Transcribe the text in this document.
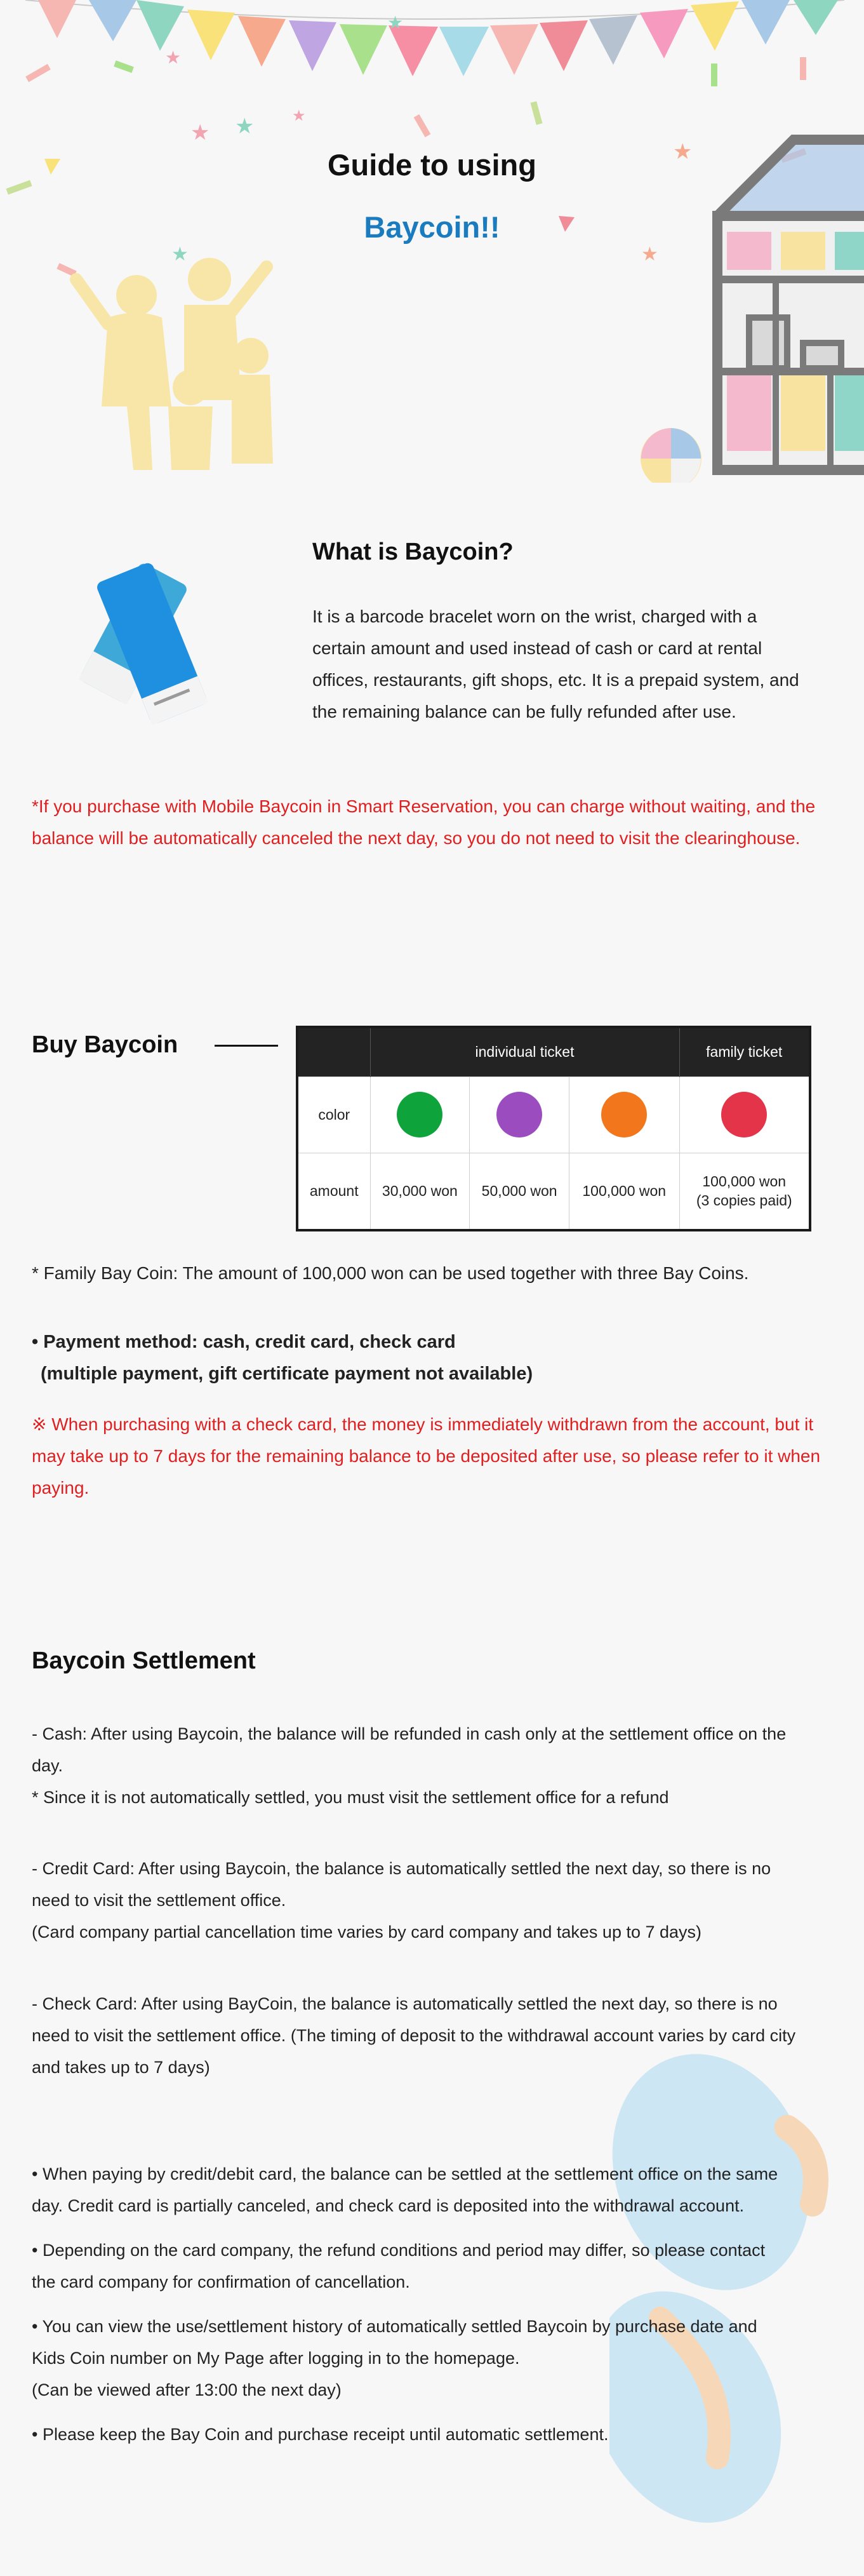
★ ★
★
★
★
★
★
★
Guide to using
Baycoin!!
What is Baycoin?
It is a barcode bracelet worn on the wrist, charged with a certain amount and used instead of cash or card at rental offices, restaurants, gift shops, etc. It is a prepaid system, and the remaining balance can be fully refunded after use.
*If you purchase with Mobile Baycoin in Smart Reservation, you can charge without waiting, and the balance will be automatically canceled the next day, so you do not need to visit the clearinghouse.
Buy Baycoin
		individual ticket			family ticket
color				
amount	30,000 won	50,000 won	100,000 won	100,000 won
(3 copies paid)
* Family Bay Coin: The amount of 100,000 won can be used together with three Bay Coins.
• Payment method: cash, credit card, check card
(multiple payment, gift certificate payment not available)
※ When purchasing with a check card, the money is immediately withdrawn from the account, but it may take up to 7 days for the remaining balance to be deposited after use, so please refer to it when paying.
Baycoin Settlement
- Cash: After using Baycoin, the balance will be refunded in cash only at the settlement office on the day.
* Since it is not automatically settled, you must visit the settlement office for a refund
- Credit Card: After using Baycoin, the balance is automatically settled the next day, so there is no need to visit the settlement office.
(Card company partial cancellation time varies by card company and takes up to 7 days)
- Check Card: After using BayCoin, the balance is automatically settled the next day, so there is no need to visit the settlement office. (The timing of deposit to the withdrawal account varies by card city and takes up to 7 days)

• When paying by credit/debit card, the balance can be settled at the settlement office on the same day. Credit card is partially canceled, and check card is deposited into the withdrawal account.

• Depending on the card company, the refund conditions and period may differ, so please contact the card company for confirmation of cancellation.

• You can view the use/settlement history of automatically settled Baycoin by purchase date and Kids Coin number on My Page after logging in to the homepage.

(Can be viewed after 13:00 the next day)

• Please keep the Bay Coin and purchase receipt until automatic settlement.
